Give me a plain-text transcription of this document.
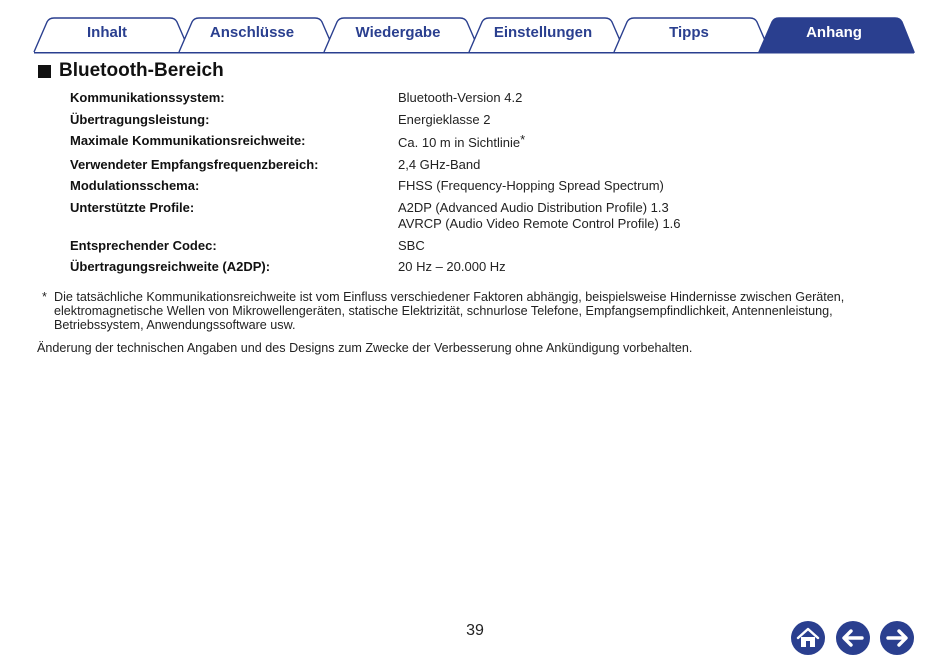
Inhalt	Anschlüsse	Wiedergabe	Einstellungen	Tipps	Anhang
Bluetooth-Bereich
Kommunikationssystem:	Bluetooth-Version 4.2
Übertragungsleistung:	Energieklasse 2
Maximale Kommunikationsreichweite:	Ca. 10 m in Sichtlinie*
Verwendeter Empfangsfrequenzbereich:	2,4 GHz-Band
Modulationsschema:	FHSS (Frequency-Hopping Spread Spectrum)
Unterstützte Profile:	A2DP (Advanced Audio Distribution Profile) 1.3
AVRCP (Audio Video Remote Control Profile) 1.6
Entsprechender Codec:	SBC
Übertragungsreichweite (A2DP):	20 Hz – 20.000 Hz
* Die tatsächliche Kommunikationsreichweite ist vom Einfluss verschiedener Faktoren abhängig, beispielsweise Hindernisse zwischen Geräten,
elektromagnetische Wellen von Mikrowellengeräten, statische Elektrizität, schnurlose Telefone, Empfangsempfindlichkeit, Antennenleistung,
Betriebssystem, Anwendungssoftware usw.
Änderung der technischen Angaben und des Designs zum Zwecke der Verbesserung ohne Ankündigung vorbehalten.
39
